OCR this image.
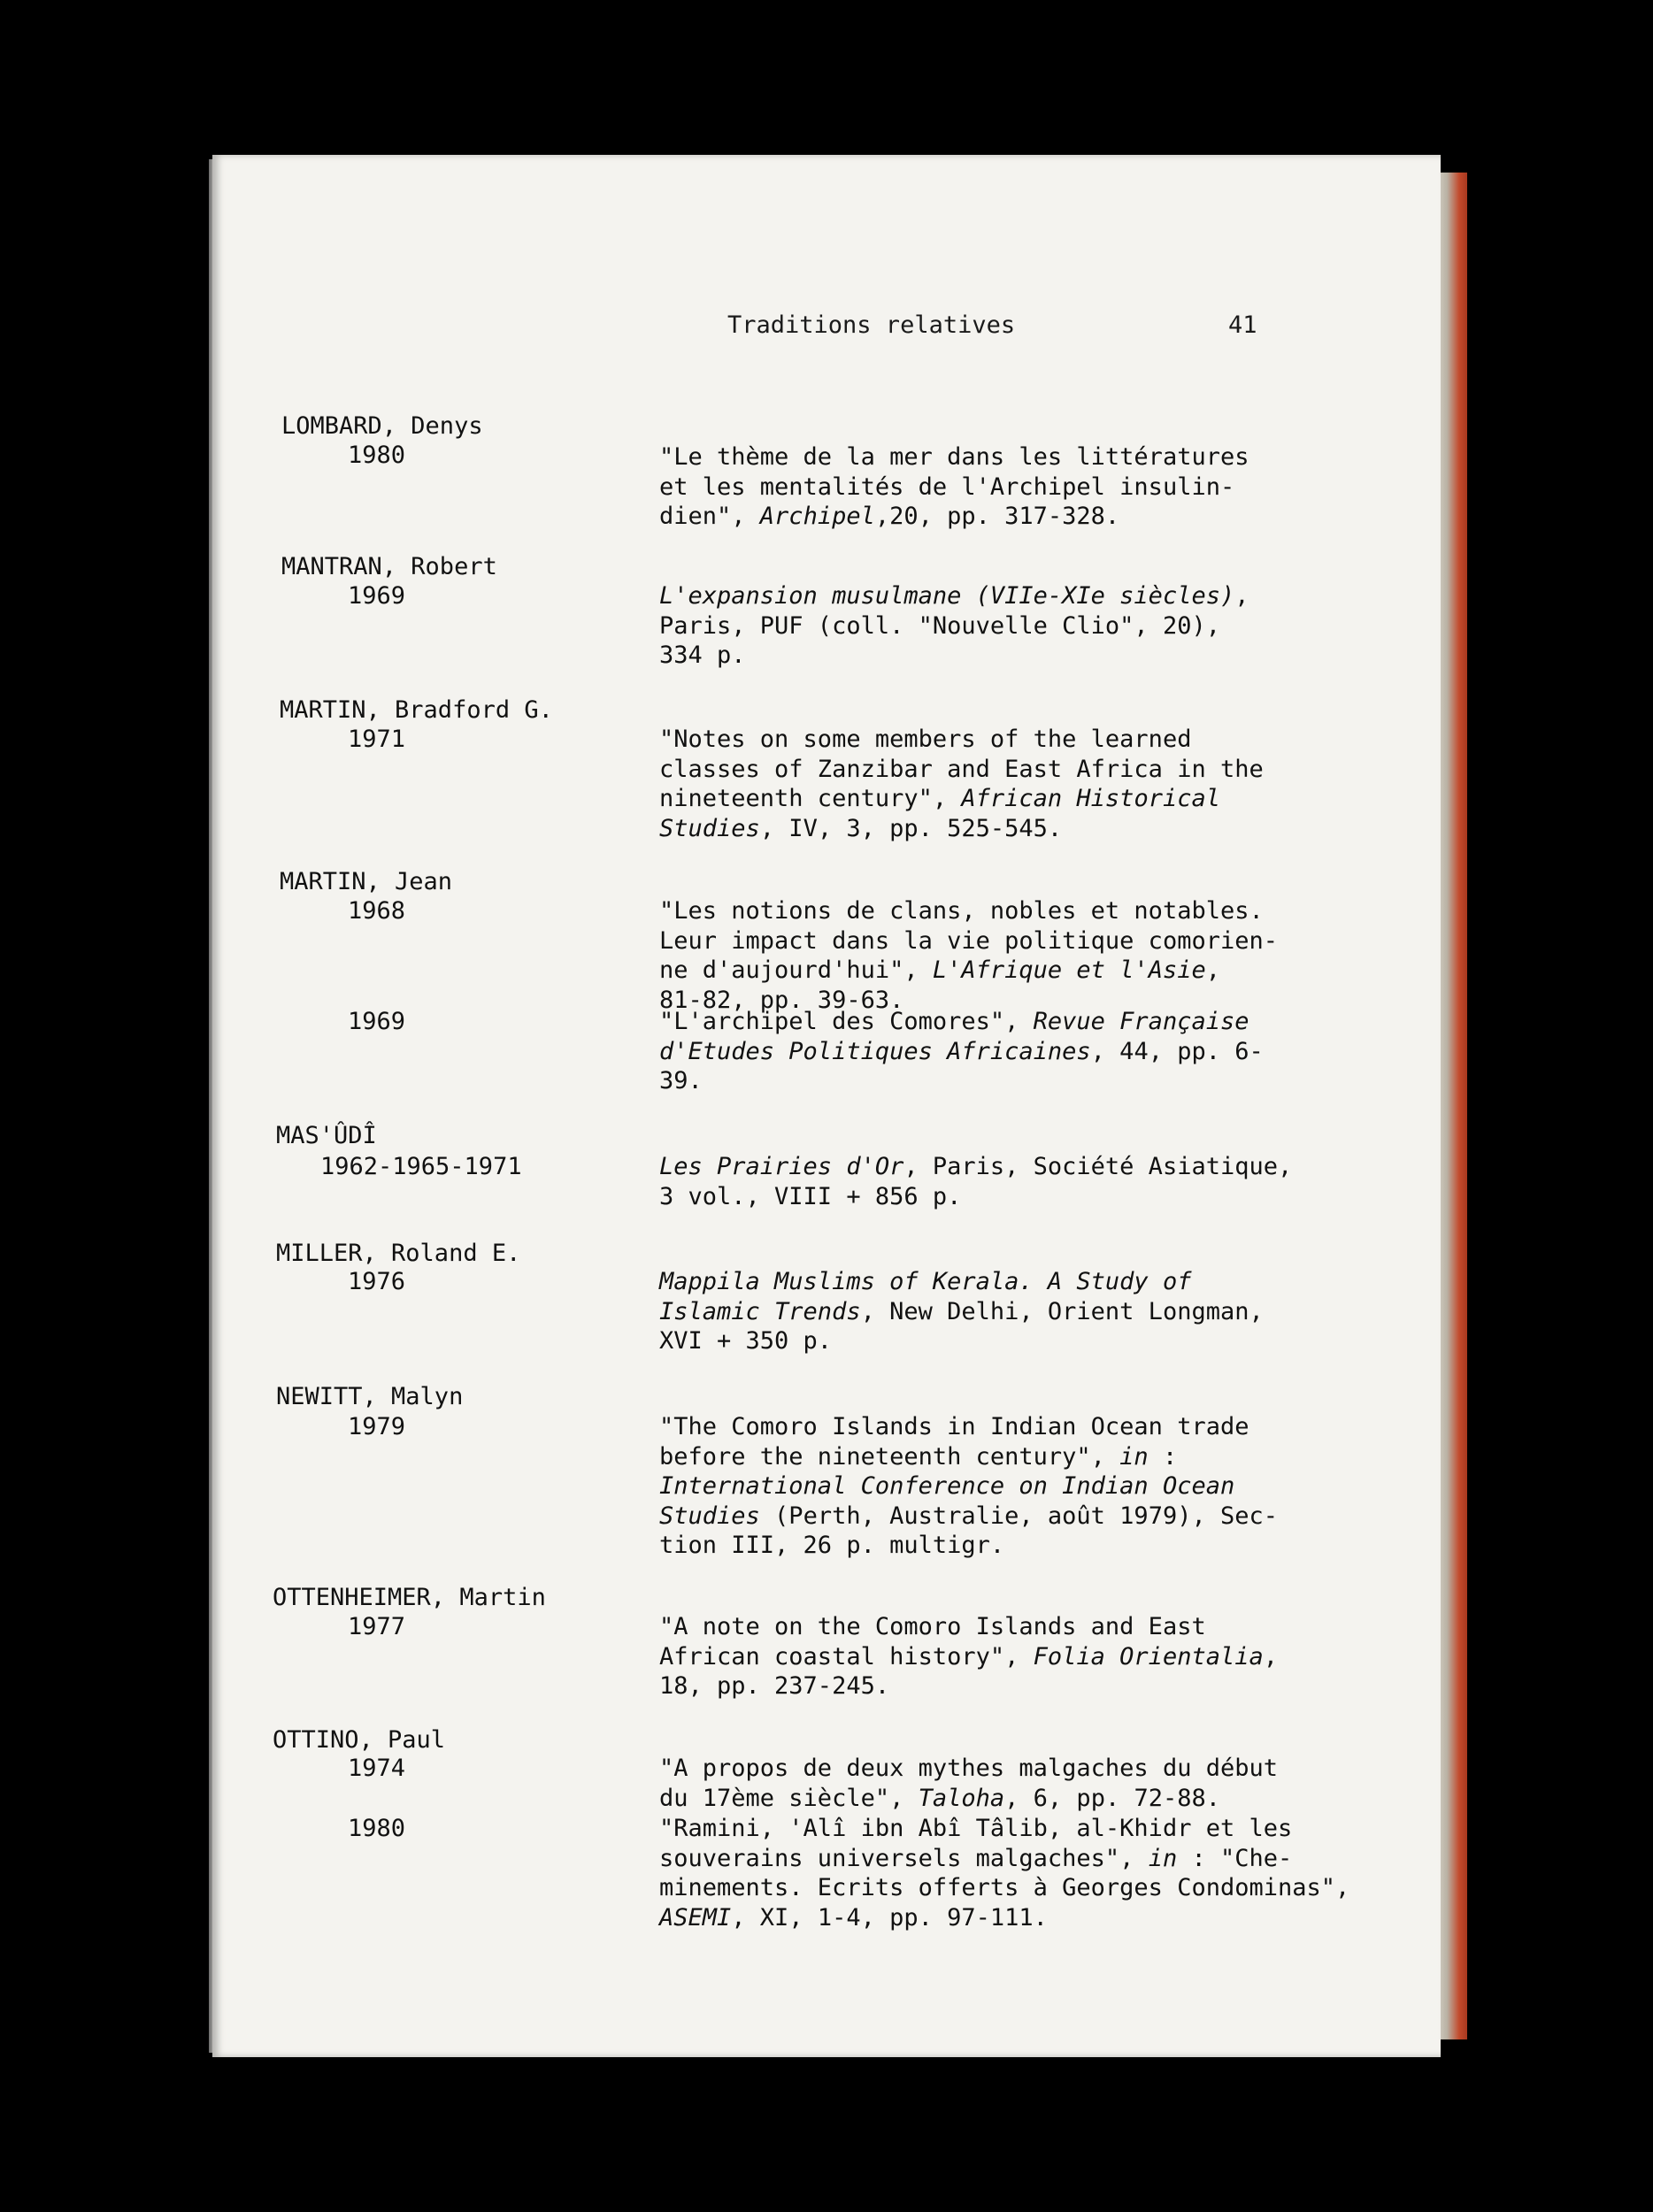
Traditions relatives	41
LOMBARD, Denys
1980	"Le thème de la mer dans les littératures
et les mentalités de l'Archipel insulin-
dien", Archipel,20, pp. 317-328.
MANTRAN, Robert
1969	L'expansion musulmane (VIIe-XIe siècles),
Paris, PUF (coll. "Nouvelle Clio", 20),
334 p.
MARTIN, Bradford G.
1971	"Notes on some members of the learned
classes of Zanzibar and East Africa in the
nineteenth century", African Historical
Studies, IV, 3, pp. 525-545.
MARTIN, Jean
1968	"Les notions de clans, nobles et notables.
Leur impact dans la vie politique comorien-
ne d'aujourd'hui", L'Afrique et l'Asie,
81-82, pp. 39-63.
1969	"L'archipel des Comores", Revue Française
d'Etudes Politiques Africaines, 44, pp. 6-
39.
MAS'ÛDÎ
1962-1965-1971	Les Prairies d'Or, Paris, Société Asiatique,
3 vol., VIII + 856 p.
MILLER, Roland E.
1976	Mappila Muslims of Kerala. A Study of
Islamic Trends, New Delhi, Orient Longman,
XVI + 350 p.
NEWITT, Malyn
1979	"The Comoro Islands in Indian Ocean trade
before the nineteenth century", in :
International Conference on Indian Ocean
Studies (Perth, Australie, août 1979), Sec-
tion III, 26 p. multigr.
OTTENHEIMER, Martin
1977	"A note on the Comoro Islands and East
African coastal history", Folia Orientalia,
18, pp. 237-245.
OTTINO, Paul
1974	"A propos de deux mythes malgaches du début
du 17ème siècle", Taloha, 6, pp. 72-88.
1980	"Ramini, 'Alî ibn Abî Tâlib, al-Khidr et les
souverains universels malgaches", in : "Che-
minements. Ecrits offerts à Georges Condominas",
ASEMI, XI, 1-4, pp. 97-111.
